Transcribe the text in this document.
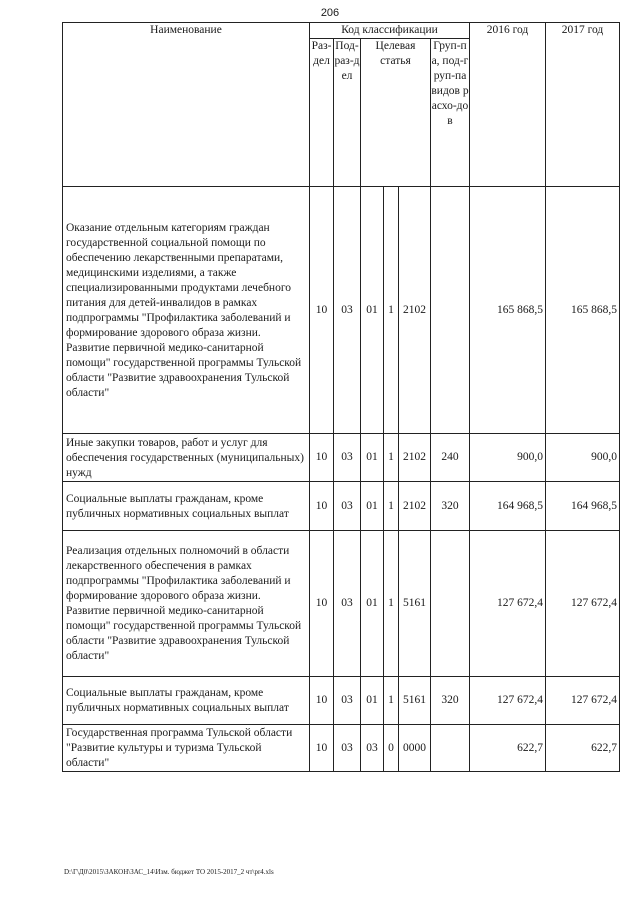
206
Наименование	Код классификации						2016 год	2017 год
	Раз-дел	Под-раз-дел	Целевая статья			Груп-па, под-груп-па видов расхо-дов		
Оказание отдельным категориям граждан государственной социальной помощи по обеспечению лекарственными препаратами, медицинскими изделиями, а также специализированными продуктами лечебного питания для детей-инвалидов в рамках подпрограммы "Профилактика заболеваний и формирование здорового образа жизни. Развитие первичной медико-санитарной помощи" государственной программы Тульской области "Развитие здравоохранения Тульской области"	10	03	01	1	2102		165 868,5	165 868,5
Иные закупки товаров, работ и услуг для обеспечения государственных (муниципальных) нужд	10	03	01	1	2102	240	900,0	900,0
Социальные выплаты гражданам, кроме публичных нормативных социальных выплат	10	03	01	1	2102	320	164 968,5	164 968,5
Реализация отдельных полномочий в области лекарственного обеспечения в рамках подпрограммы "Профилактика заболеваний и формирование здорового образа жизни. Развитие первичной медико-санитарной помощи" государственной программы Тульской области "Развитие здравоохранения Тульской области"	10	03	01	1	5161		127 672,4	127 672,4
Социальные выплаты гражданам, кроме публичных нормативных социальных выплат	10	03	01	1	5161	320	127 672,4	127 672,4
Государственная программа Тульской области "Развитие культуры и туризма Тульской области"	10	03	03	0	0000		622,7	622,7
D:\Г\Д0\2015\ЗАКОН\ЗАС_14\Изм. бюджет ТО 2015-2017_2 чт\pr4.xls
